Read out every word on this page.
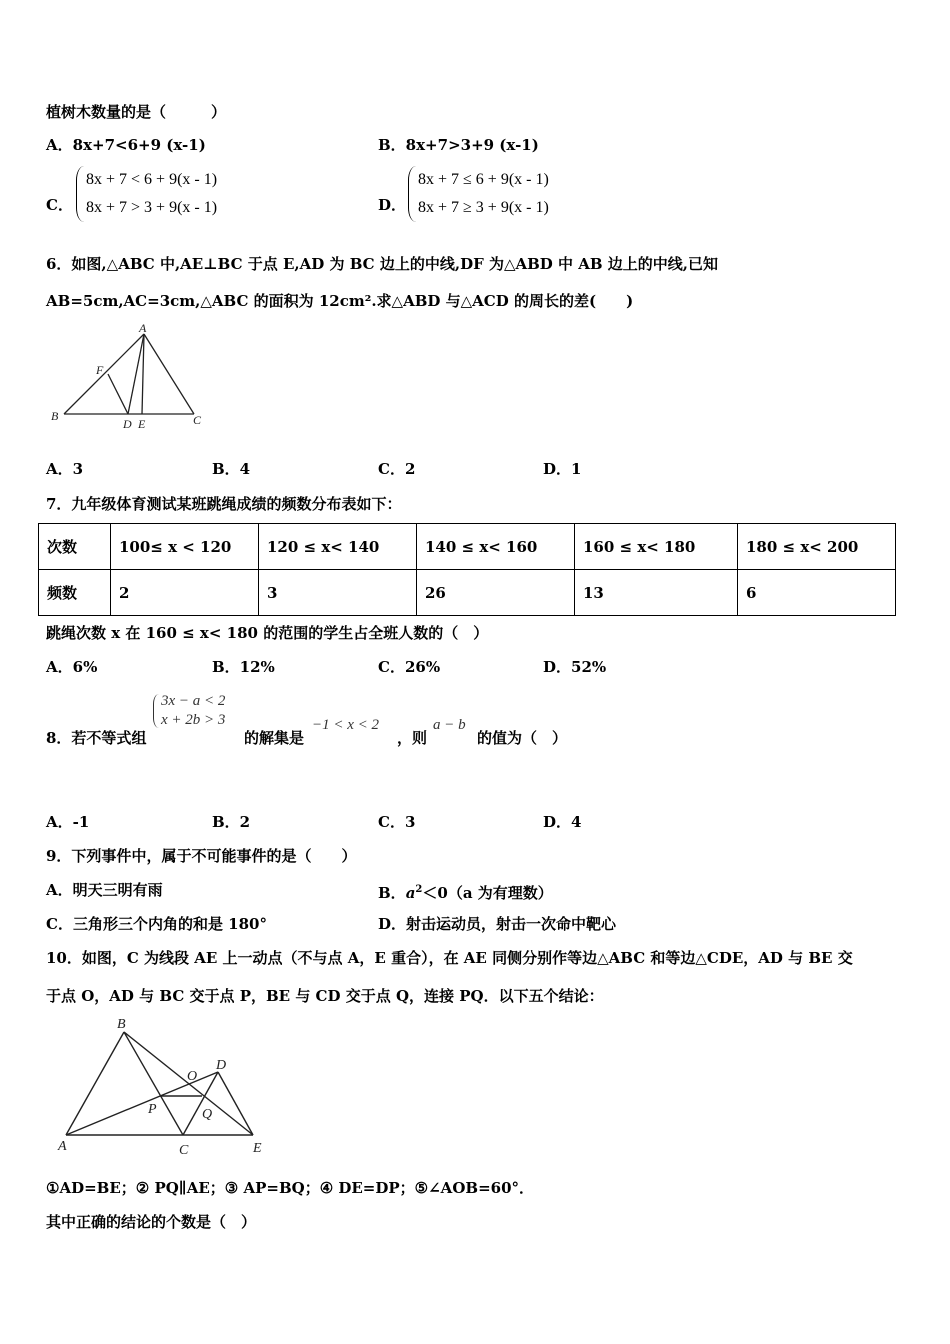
植树木数量的是（　　　）
A．8x+7<6+9 (x-1)	B．8x+7>3+9 (x-1)
C．
8x + 7 < 6 + 9(x - 1)
8x + 7 > 3 + 9(x - 1)	D．
8x + 7 ≤ 6 + 9(x - 1)
8x + 7 ≥ 3 + 9(x - 1)
6．如图,△ABC 中,AE⊥BC 于点 E,AD 为 BC 边上的中线,DF 为△ABD 中 AB 边上的中线,已知
AB=5cm,AC=3cm,△ABC 的面积为 12cm².求△ABD 与△ACD 的周长的差(　　)
A
F
B
D E	C
A．3	B．4	C．2	D．1
7．九年级体育测试某班跳绳成绩的频数分布表如下：
次数	100≤ x < 120	120 ≤ x< 140	140 ≤ x< 160	160 ≤ x< 180	180 ≤ x< 200
频数	2	3	26	13	6
跳绳次数 x 在 160 ≤ x< 180 的范围的学生占全班人数的（　）
A．6%	B．12%	C．26%	D．52%
8．若不等式组
3x − a < 2
x + 2b > 3
的解集是
−1 < x < 2
，则
a − b
的值为（　）
A．-1	B．2	C．3	D．4
9．下列事件中，属于不可能事件的是（　　）
A．明天三明有雨	B．$a^2<0(a$ 为有理数）
C．三角形三个内角的和是 180°	D．射击运动员，射击一次命中靶心
10．如图，C 为线段 AE 上一动点（不与点 A，E 重合），在 AE 同侧分别作等边△ABC 和等边△CDE，AD 与 BE 交
于点 O，AD 与 BC 交于点 P，BE 与 CD 交于点 Q，连接 PQ．以下五个结论：
B
D
O
P	Q
A	C	E
①AD=BE；② PQ∥AE；③ AP=BQ；④ DE=DP；⑤∠AOB=60°．
其中正确的结论的个数是（　）
